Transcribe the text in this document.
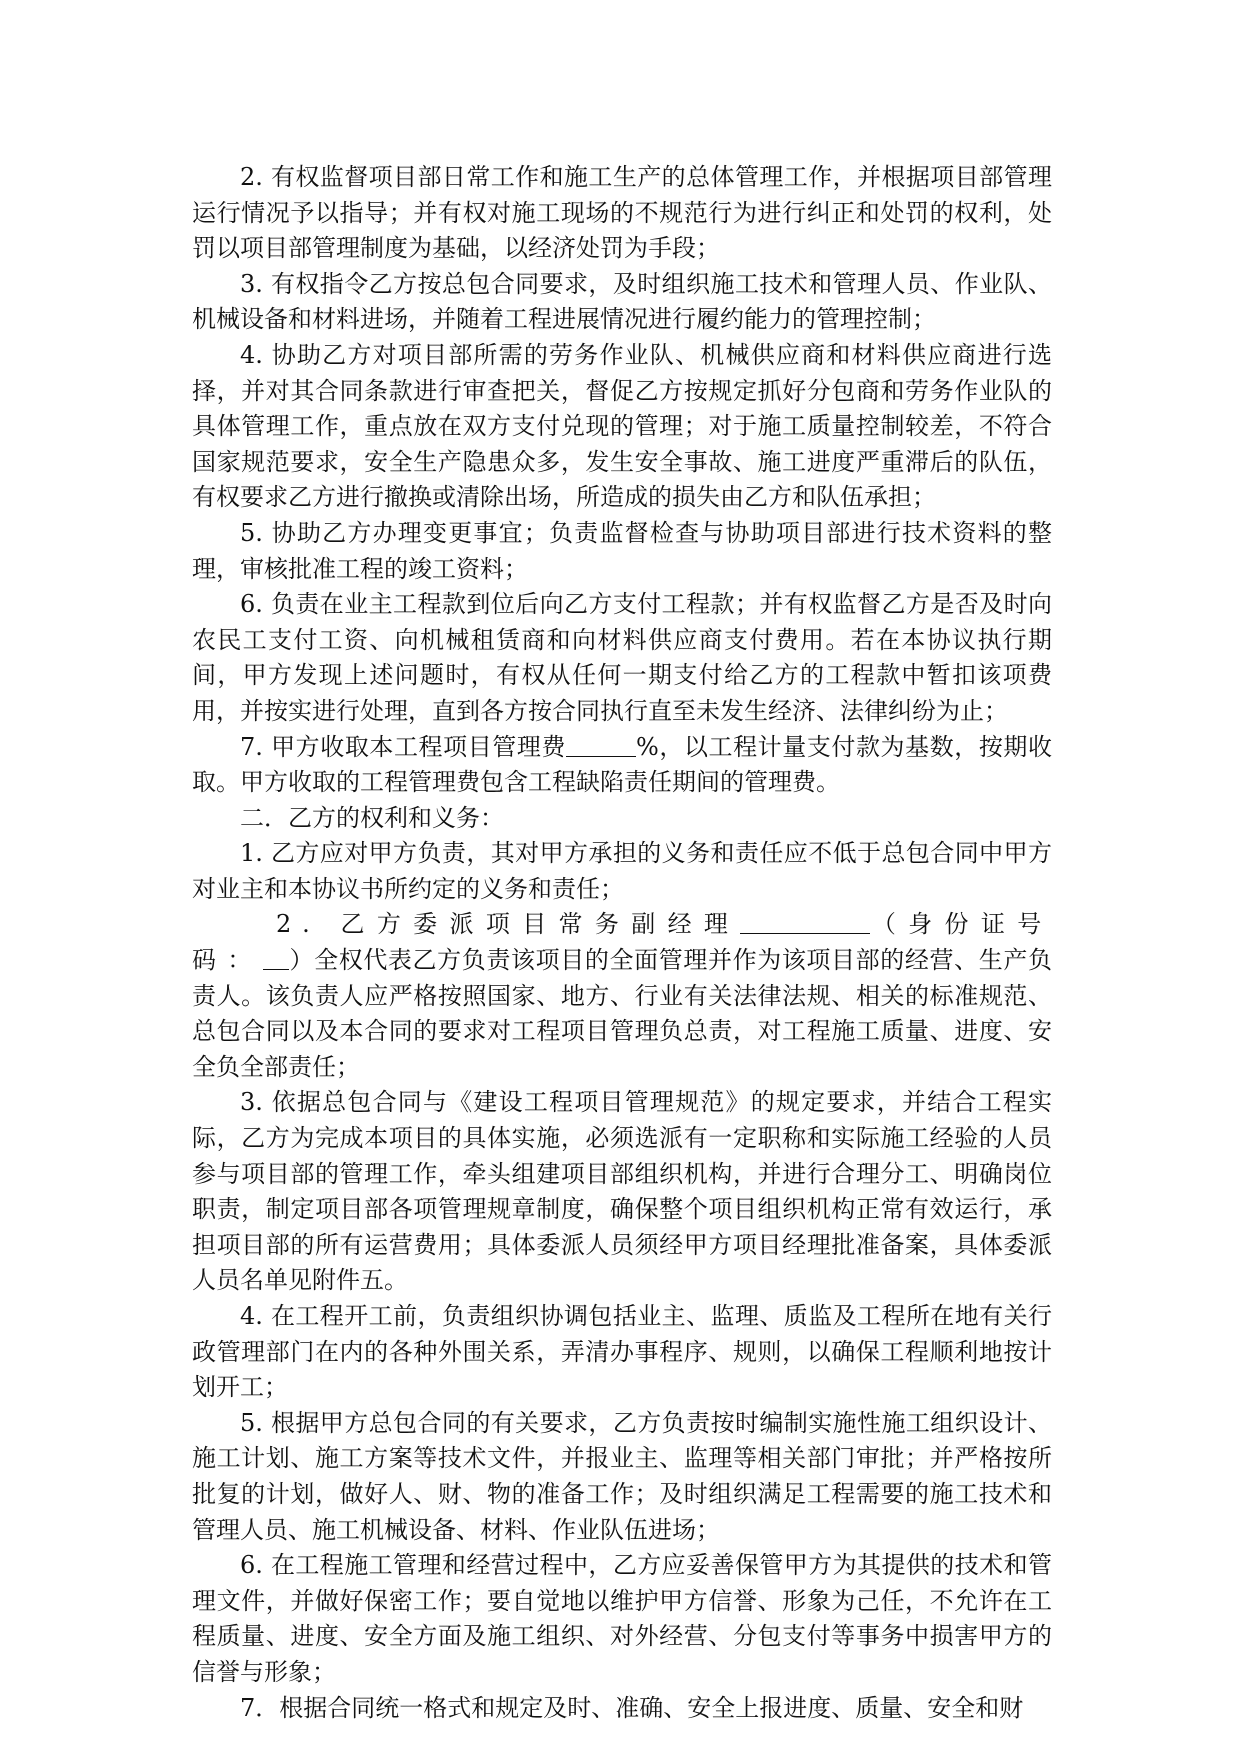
2. 有权监督项目部日常工作和施工生产的总体管理工作，并根据项目部管理运行情况予以指导；并有权对施工现场的不规范行为进行纠正和处罚的权利，处罚以项目部管理制度为基础，以经济处罚为手段；

3. 有权指令乙方按总包合同要求，及时组织施工技术和管理人员、作业队、机械设备和材料进场，并随着工程进展情况进行履约能力的管理控制；

4. 协助乙方对项目部所需的劳务作业队、机械供应商和材料供应商进行选择，并对其合同条款进行审查把关，督促乙方按规定抓好分包商和劳务作业队的具体管理工作，重点放在双方支付兑现的管理；对于施工质量控制较差，不符合国家规范要求，安全生产隐患众多，发生安全事故、施工进度严重滞后的队伍，有权要求乙方进行撤换或清除出场，所造成的损失由乙方和队伍承担；

5. 协助乙方办理变更事宜；负责监督检查与协助项目部进行技术资料的整理，审核批准工程的竣工资料；

6. 负责在业主工程款到位后向乙方支付工程款；并有权监督乙方是否及时向农民工支付工资、向机械租赁商和向材料供应商支付费用。若在本协议执行期间，甲方发现上述问题时，有权从任何一期支付给乙方的工程款中暂扣该项费用，并按实进行处理，直到各方按合同执行直至未发生经济、法律纠纷为止；

7. 甲方收取本工程项目管理费	%，以工程计量支付款为基数，按期收取。甲方收取的工程管理费包含工程缺陷责任期间的管理费。

二．乙方的权利和义务：

1. 乙方应对甲方负责，其对甲方承担的义务和责任应不低于总包合同中甲方对业主和本协议书所约定的义务和责任；

2. 乙方委派项目常务副经理	（身份证号码： ）全权代表乙方负责该项目的全面管理并作为该项目部的经营、生产负责人。该负责人应严格按照国家、地方、行业有关法律法规、相关的标准规范、总包合同以及本合同的要求对工程项目管理负总责，对工程施工质量、进度、安全负全部责任；

3. 依据总包合同与《建设工程项目管理规范》的规定要求，并结合工程实际，乙方为完成本项目的具体实施，必须选派有一定职称和实际施工经验的人员参与项目部的管理工作，牵头组建项目部组织机构，并进行合理分工、明确岗位职责，制定项目部各项管理规章制度，确保整个项目组织机构正常有效运行，承担项目部的所有运营费用；具体委派人员须经甲方项目经理批准备案，具体委派人员名单见附件五。

4. 在工程开工前，负责组织协调包括业主、监理、质监及工程所在地有关行政管理部门在内的各种外围关系，弄清办事程序、规则，以确保工程顺利地按计划开工；

5. 根据甲方总包合同的有关要求，乙方负责按时编制实施性施工组织设计、施工计划、施工方案等技术文件，并报业主、监理等相关部门审批；并严格按所批复的计划，做好人、财、物的准备工作；及时组织满足工程需要的施工技术和管理人员、施工机械设备、材料、作业队伍进场；

6. 在工程施工管理和经营过程中，乙方应妥善保管甲方为其提供的技术和管理文件，并做好保密工作；要自觉地以维护甲方信誉、形象为己任，不允许在工程质量、进度、安全方面及施工组织、对外经营、分包支付等事务中损害甲方的信誉与形象；

7．根据合同统一格式和规定及时、准确、安全上报进度、质量、安全和财
